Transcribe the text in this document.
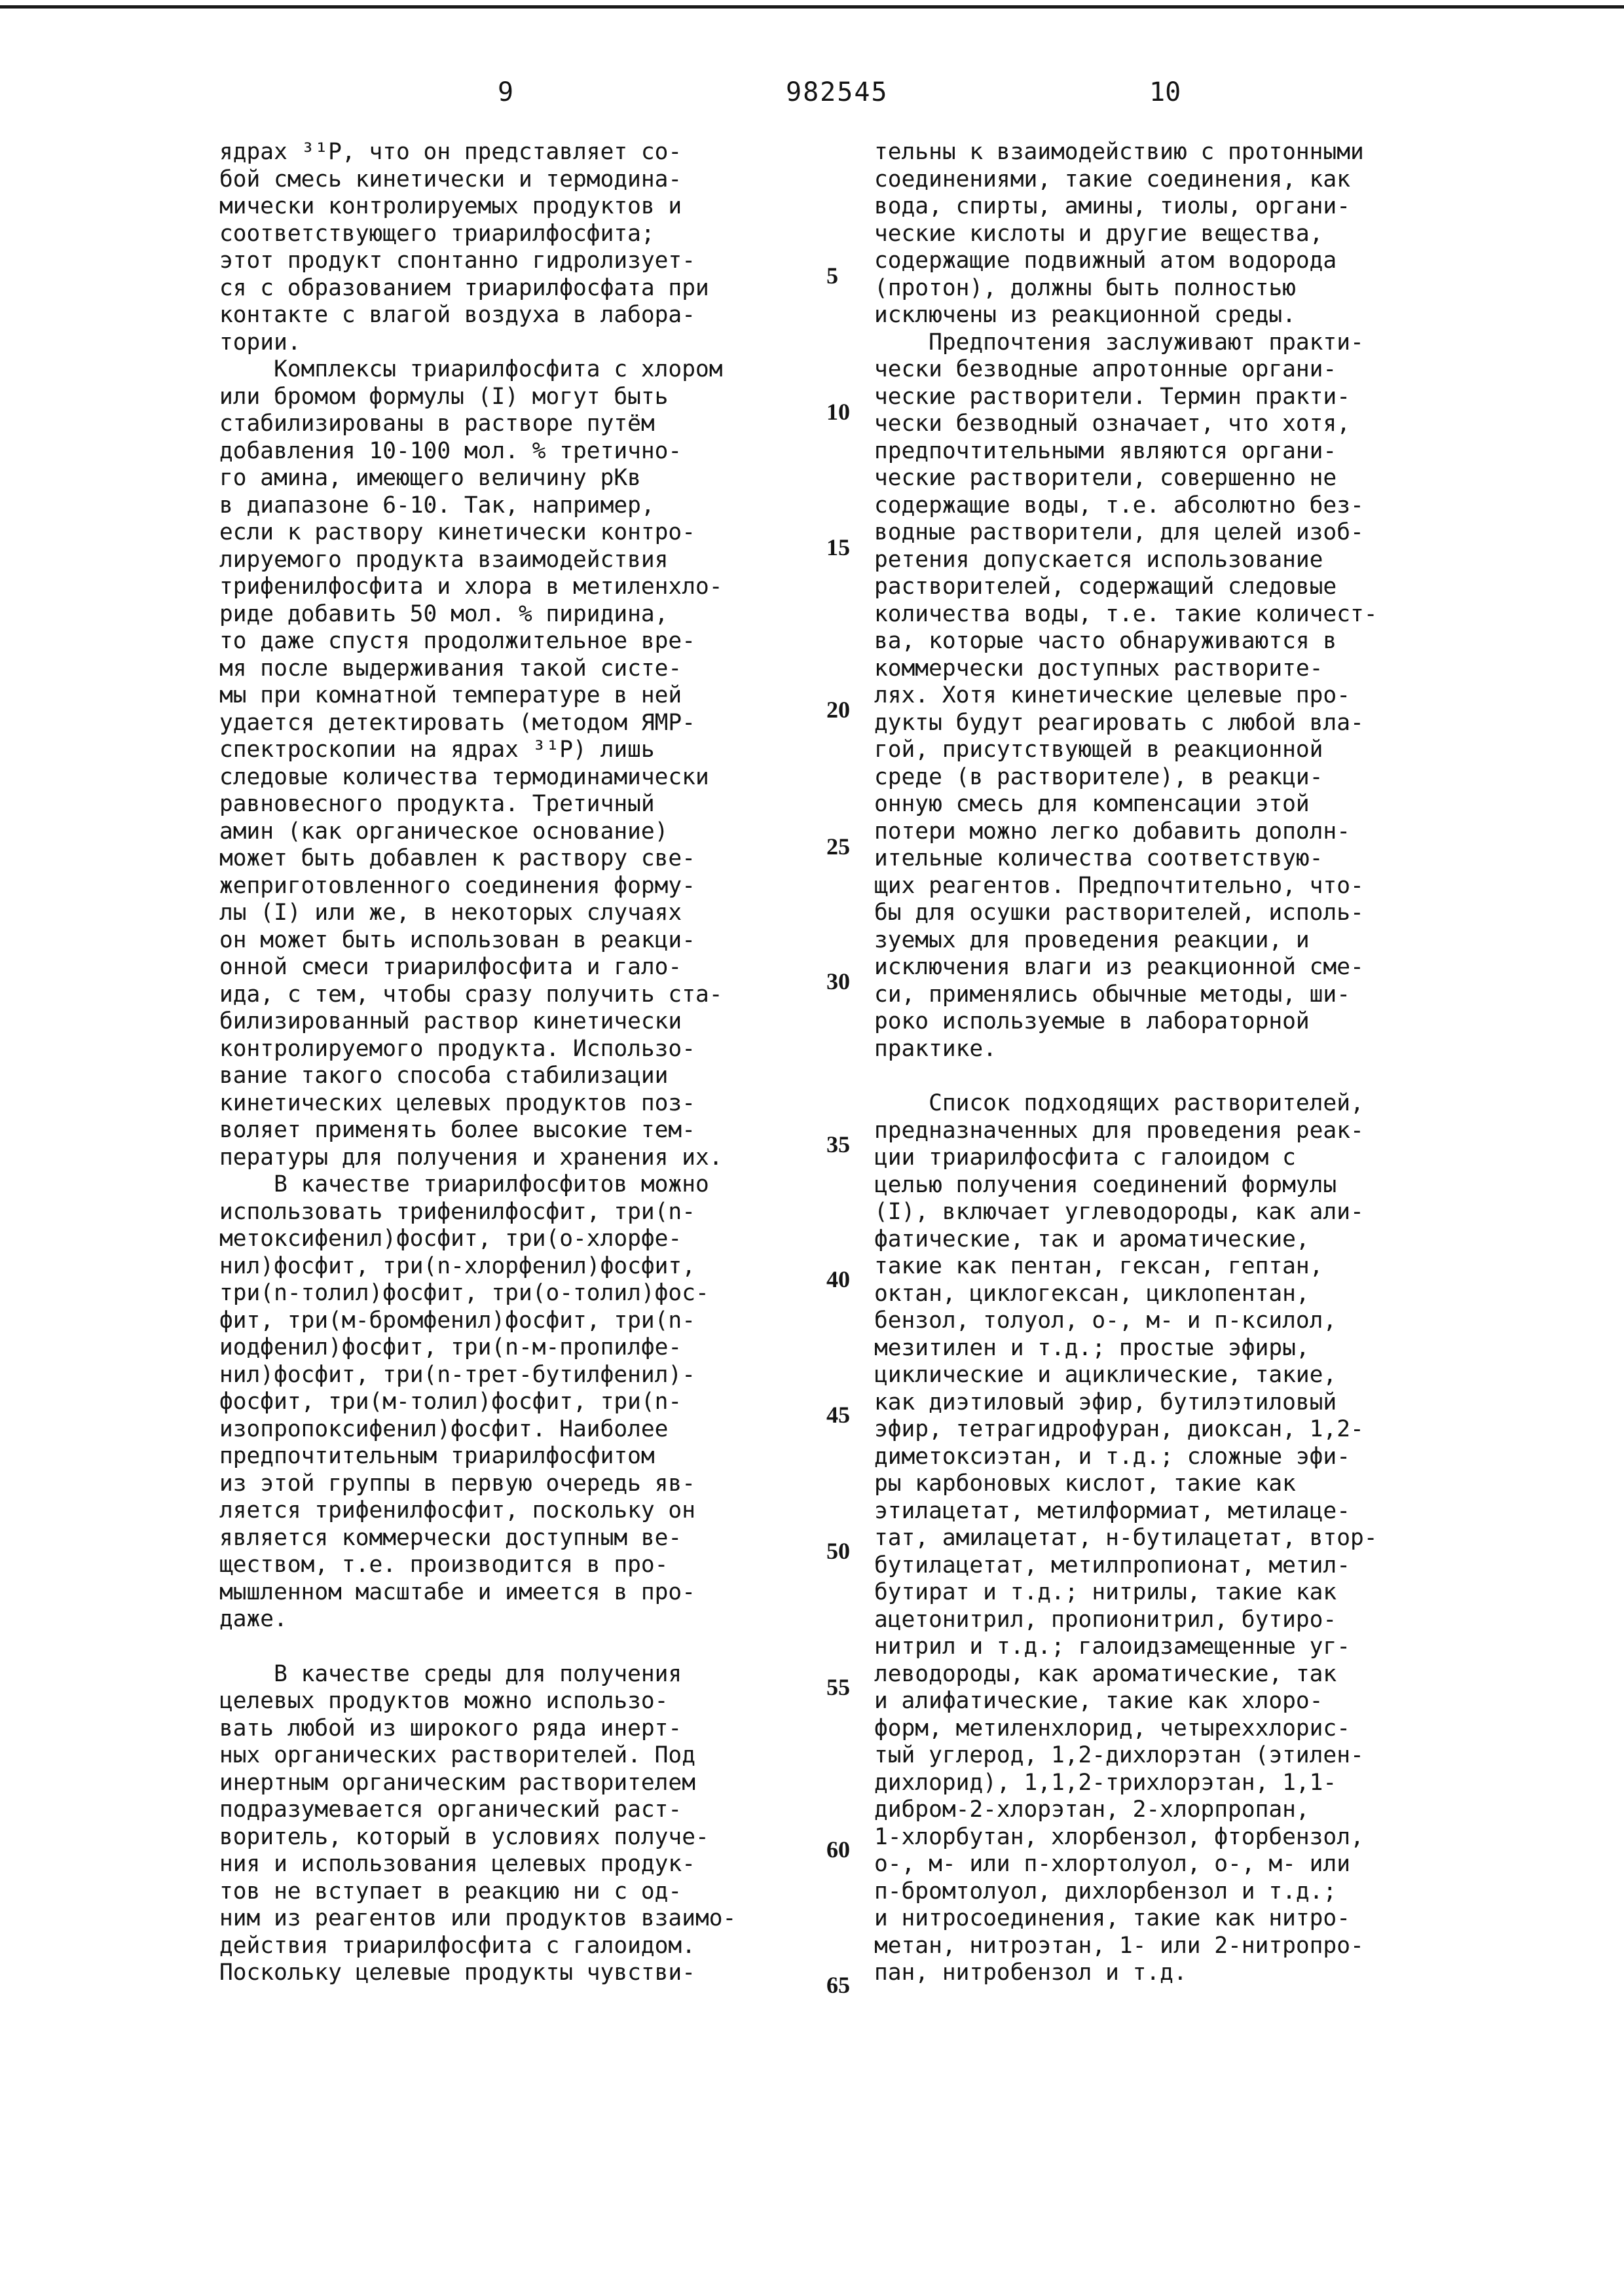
9	982545	10

ядрах ³¹P, что он представляет со-
бой смесь кинетически и термодина-
мически контролируемых продуктов и
соответствующего триарилфосфита;
этот продукт спонтанно гидролизует-
ся с образованием триарилфосфата при
контакте с влагой воздуха в лабора-
тории.

Комплексы триарилфосфита с хлором
или бромом формулы (I) могут быть
стабилизированы в растворе путём
добавления 10-100 мол. % третично-
го амина, имеющего величину pKв
в диапазоне 6-10. Так, например,
если к раствору кинетически контро-
лируемого продукта взаимодействия
трифенилфосфита и хлора в метиленхло-
риде добавить 50 мол. % пиридина,
то даже спустя продолжительное вре-
мя после выдерживания такой систе-
мы при комнатной температуре в ней
удается детектировать (методом ЯМР-
спектроскопии на ядрах ³¹P) лишь
следовые количества термодинамически
равновесного продукта. Третичный
амин (как органическое основание)
может быть добавлен к раствору све-
жеприготовленного соединения форму-
лы (I) или же, в некоторых случаях
он может быть использован в реакци-
онной смеси триарилфосфита и гало-
ида, с тем, чтобы сразу получить ста-
билизированный раствор кинетически
контролируемого продукта. Использо-
вание такого способа стабилизации
кинетических целевых продуктов поз-
воляет применять более высокие тем-
пературы для получения и хранения их.

В качестве триарилфосфитов можно
использовать трифенилфосфит, три(n-
метоксифенил)фосфит, три(о-хлорфе-
нил)фосфит, три(n-хлорфенил)фосфит,
три(n-толил)фосфит, три(о-толил)фос-
фит, три(м-бромфенил)фосфит, три(n-
иодфенил)фосфит, три(n-м-пропилфе-
нил)фосфит, три(n-трет-бутилфенил)-
фосфит, три(м-толил)фосфит, три(n-
изопропоксифенил)фосфит. Наиболее
предпочтительным триарилфосфитом
из этой группы в первую очередь яв-
ляется трифенилфосфит, поскольку он
является коммерчески доступным ве-
ществом, т.е. производится в про-
мышленном масштабе и имеется в про-
даже.

В качестве среды для получения
целевых продуктов можно использо-
вать любой из широкого ряда инерт-
ных органических растворителей. Под
инертным органическим растворителем
подразумевается органический раст-
воритель, который в условиях получе-
ния и использования целевых продук-
тов не вступает в реакцию ни с од-
ним из реагентов или продуктов взаимо-
действия триарилфосфита с галоидом.
Поскольку целевые продукты чувстви-

тельны к взаимодействию с протонными
соединениями, такие соединения, как
вода, спирты, амины, тиолы, органи-
ческие кислоты и другие вещества,
содержащие подвижный атом водорода
(протон), должны быть полностью
исключены из реакционной среды.

Предпочтения заслуживают практи-
чески безводные апротонные органи-
ческие растворители. Термин практи-
чески безводный означает, что хотя,
предпочтительными являются органи-
ческие растворители, совершенно не
содержащие воды, т.е. абсолютно без-
водные растворители, для целей изоб-
ретения допускается использование
растворителей, содержащий следовые
количества воды, т.е. такие количест-
ва, которые часто обнаруживаются в
коммерчески доступных растворите-
лях. Хотя кинетические целевые про-
дукты будут реагировать с любой вла-
гой, присутствующей в реакционной
среде (в растворителе), в реакци-
онную смесь для компенсации этой
потери можно легко добавить дополн-
ительные количества соответствую-
щих реагентов. Предпочтительно, что-
бы для осушки растворителей, исполь-
зуемых для проведения реакции, и
исключения влаги из реакционной сме-
си, применялись обычные методы, ши-
роко используемые в лабораторной
практике.

Список подходящих растворителей,
предназначенных для проведения реак-
ции триарилфосфита с галоидом с
целью получения соединений формулы
(I), включает углеводороды, как али-
фатические, так и ароматические,
такие как пентан, гексан, гептан,
октан, циклогексан, циклопентан,
бензол, толуол, о-, м- и п-ксилол,
мезитилен и т.д.; простые эфиры,
циклические и ациклические, такие,
как диэтиловый эфир, бутилэтиловый
эфир, тетрагидрофуран, диоксан, 1,2-
диметоксиэтан, и т.д.; сложные эфи-
ры карбоновых кислот, такие как
этилацетат, метилформиат, метилаце-
тат, амилацетат, н-бутилацетат, втор-
бутилацетат, метилпропионат, метил-
бутират и т.д.; нитрилы, такие как
ацетонитрил, пропионитрил, бутиро-
нитрил и т.д.; галоидзамещенные уг-
леводороды, как ароматические, так
и алифатические, такие как хлоро-
форм, метиленхлорид, четыреххлорис-
тый углерод, 1,2-дихлорэтан (этилен-
дихлорид), 1,1,2-трихлорэтан, 1,1-
дибром-2-хлорэтан, 2-хлорпропан,
1-хлорбутан, хлорбензол, фторбензол,
о-, м- или п-хлортолуол, о-, м- или
п-бромтолуол, дихлорбензол и т.д.;
и нитросоединения, такие как нитро-
метан, нитроэтан, 1- или 2-нитропро-
пан, нитробензол и т.д.

5
10
15
20
25
30
35
40
45
50
55
60
65
